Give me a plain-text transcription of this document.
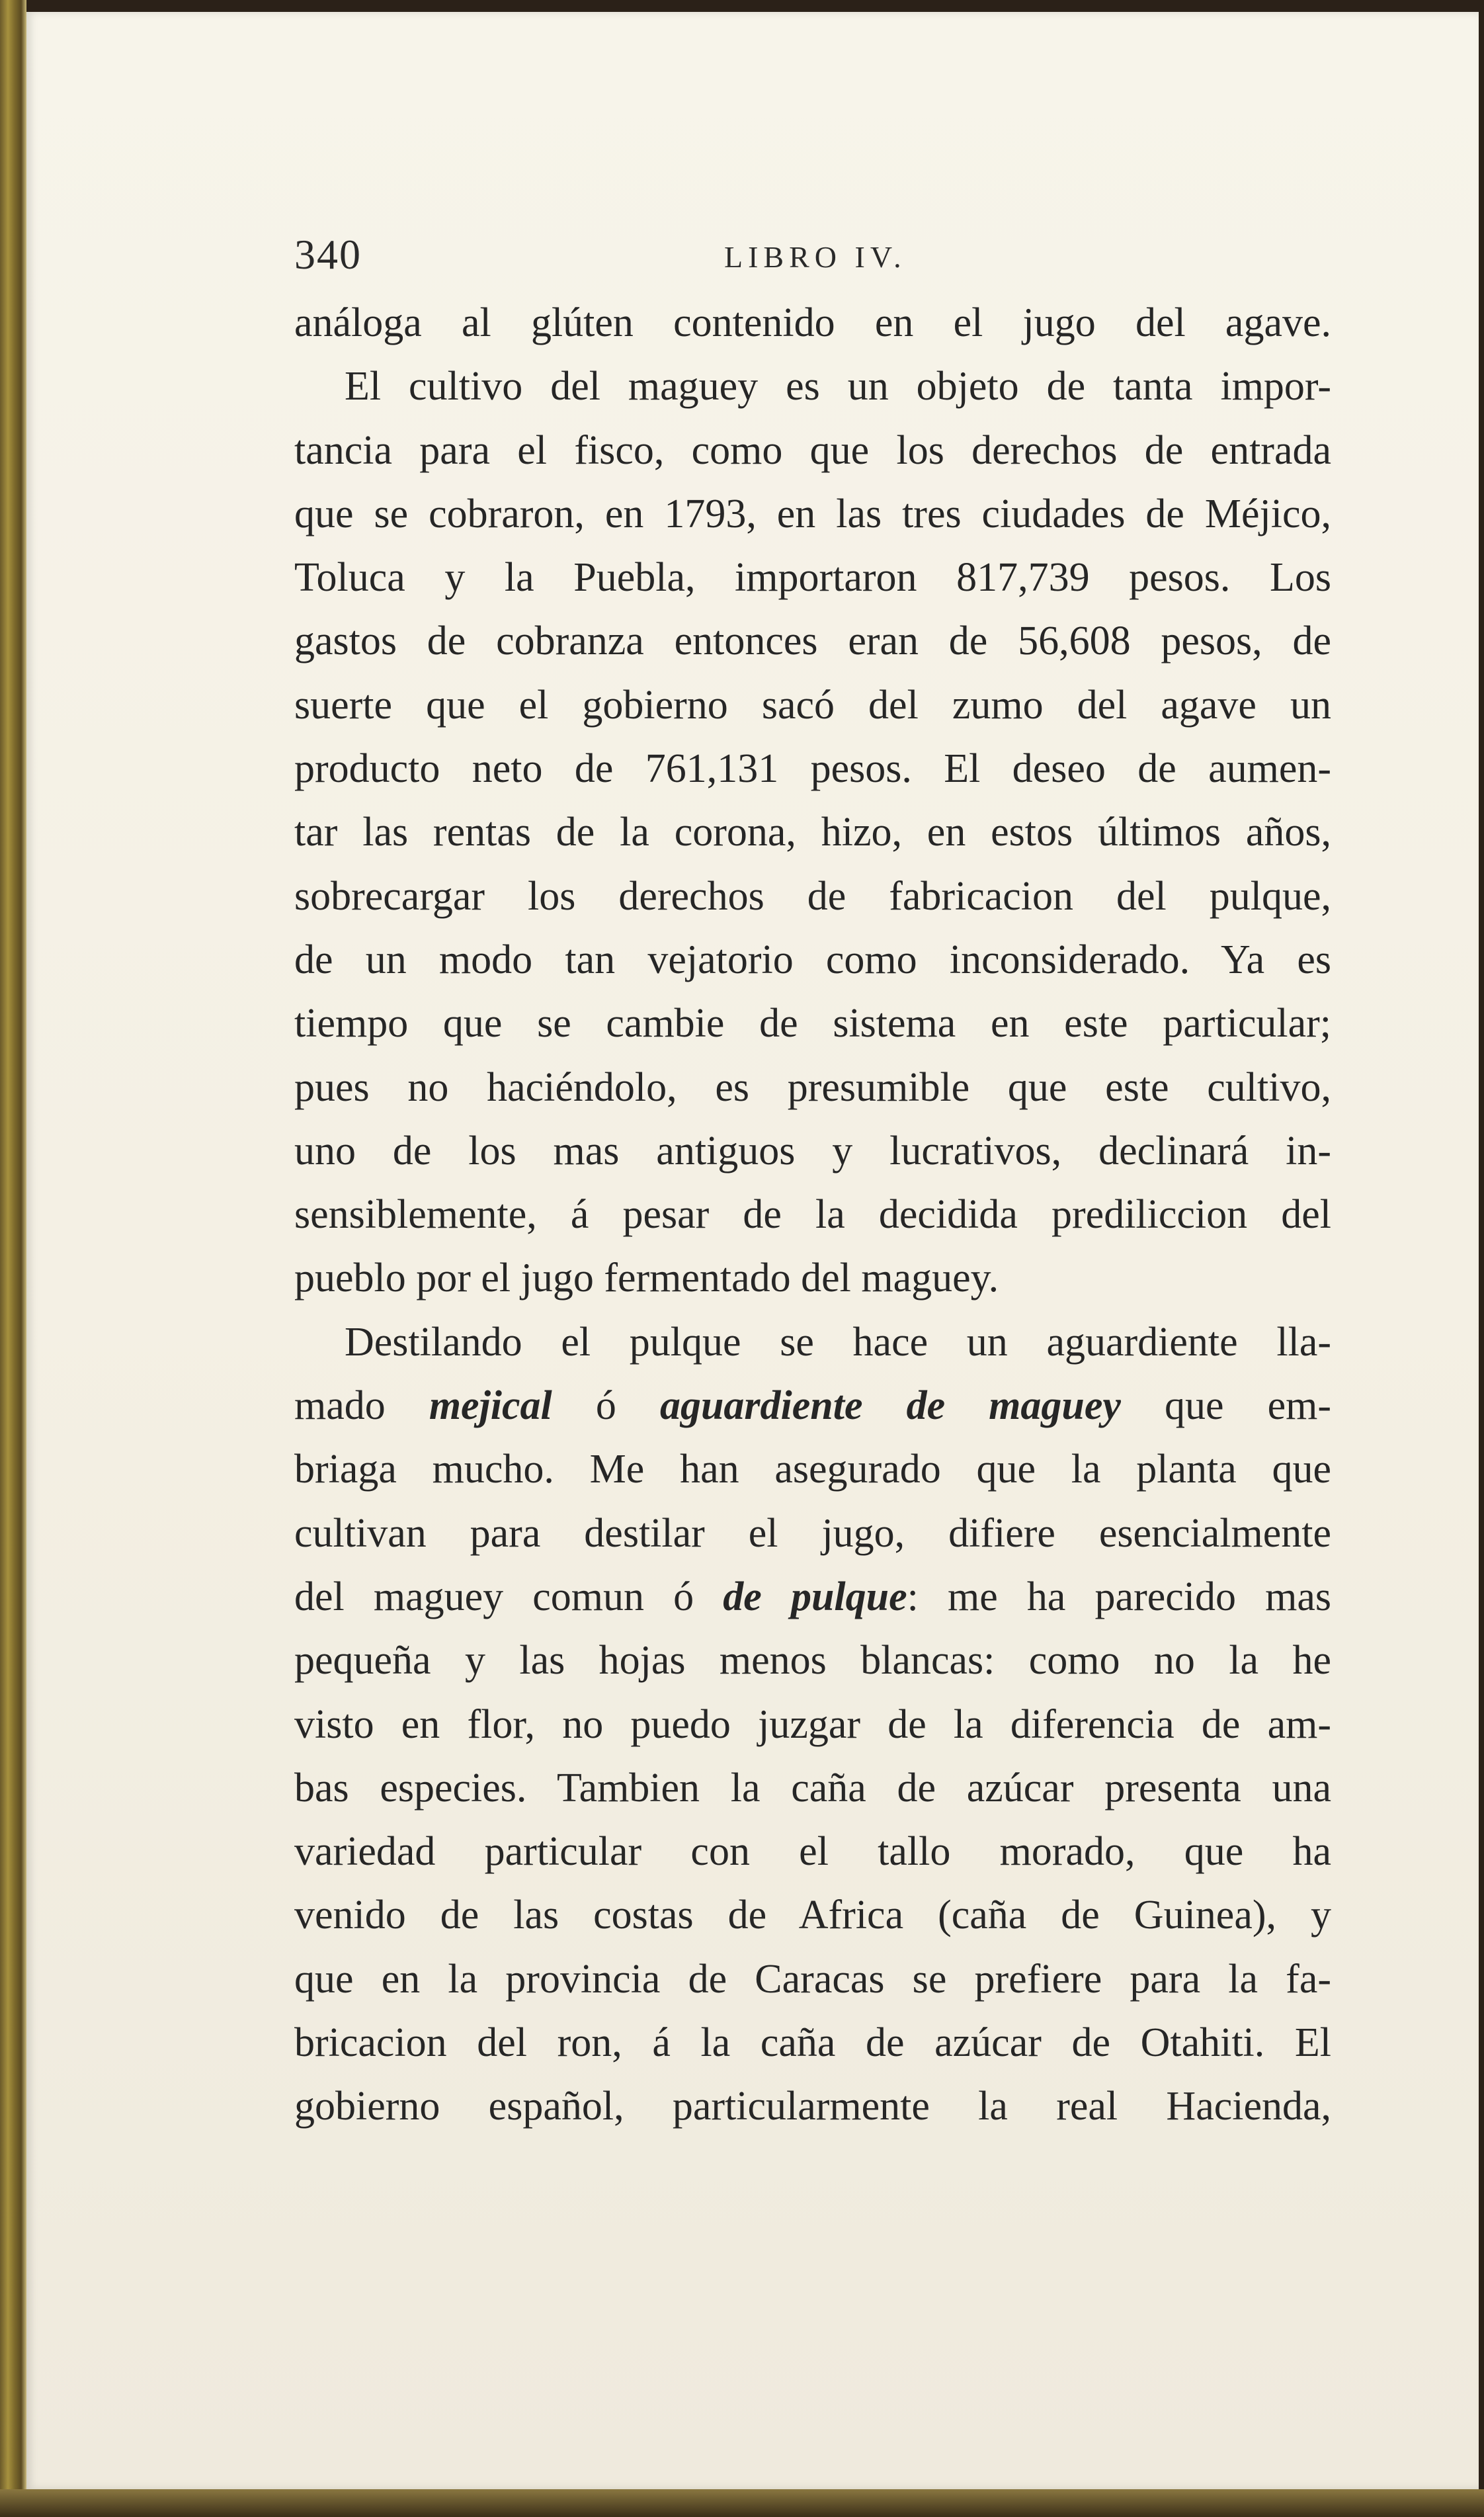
340	LIBRO IV.
análoga al glúten contenido en el jugo del agave.
El cultivo del maguey es un objeto de tanta impor-
tancia para el fisco, como que los derechos de entrada
que se cobraron, en 1793, en las tres ciudades de Méjico,
Toluca y la Puebla, importaron 817,739 pesos. Los
gastos de cobranza entonces eran de 56,608 pesos, de
suerte que el gobierno sacó del zumo del agave un
producto neto de 761,131 pesos. El deseo de aumen-
tar las rentas de la corona, hizo, en estos últimos años,
sobrecargar los derechos de fabricacion del pulque,
de un modo tan vejatorio como inconsiderado. Ya es
tiempo que se cambie de sistema en este particular;
pues no haciéndolo, es presumible que este cultivo,
uno de los mas antiguos y lucrativos, declinará in-
sensiblemente, á pesar de la decidida prediliccion del
pueblo por el jugo fermentado del maguey.
Destilando el pulque se hace un aguardiente lla-
mado mejical ó aguardiente de maguey que em-
briaga mucho. Me han asegurado que la planta que
cultivan para destilar el jugo, difiere esencialmente
del maguey comun ó de pulque: me ha parecido mas
pequeña y las hojas menos blancas: como no la he
visto en flor, no puedo juzgar de la diferencia de am-
bas especies. Tambien la caña de azúcar presenta una
variedad particular con el tallo morado, que ha
venido de las costas de Africa (caña de Guinea), y
que en la provincia de Caracas se prefiere para la fa-
bricacion del ron, á la caña de azúcar de Otahiti. El
gobierno español, particularmente la real Hacienda,
